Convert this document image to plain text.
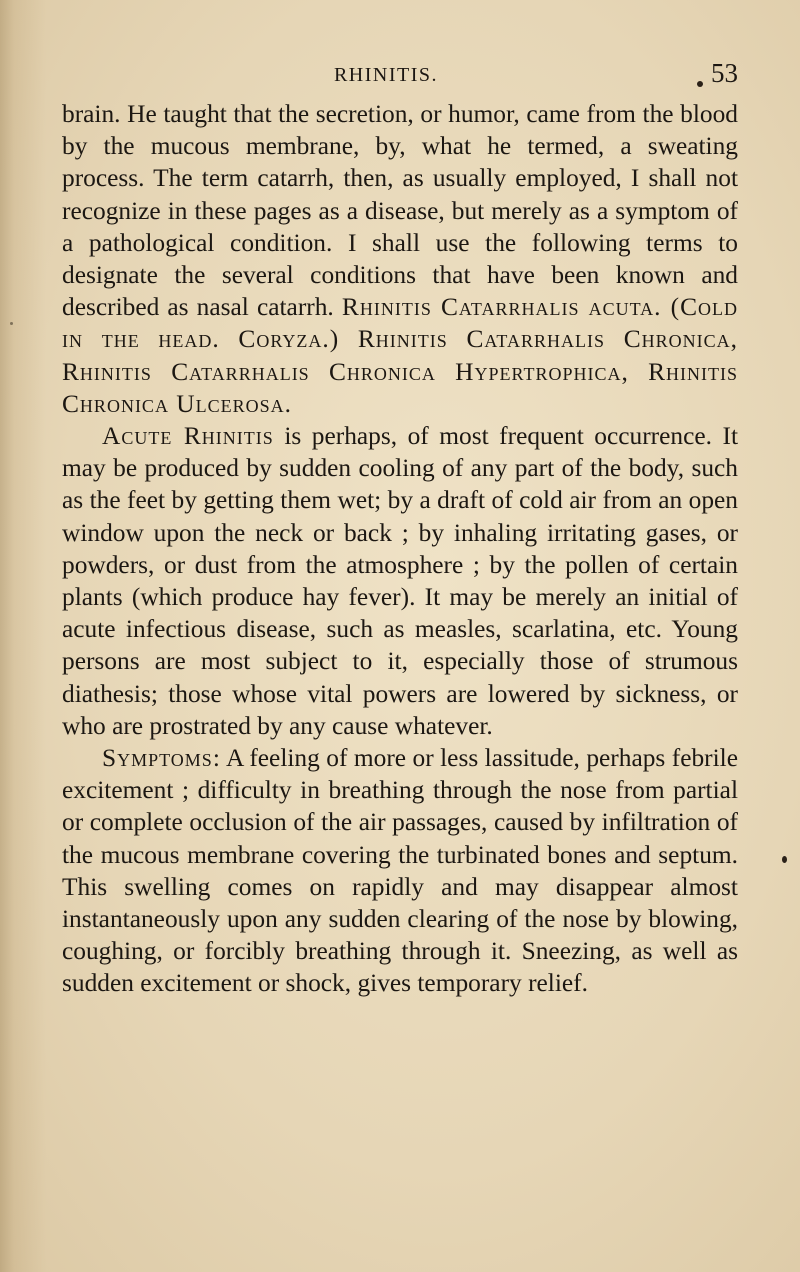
RHINITIS.	53

brain. He taught that the secretion, or humor, came from the blood by the mucous membrane, by, what he termed, a sweating process. The term catarrh, then, as usually employed, I shall not recognize in these pages as a disease, but merely as a symptom of a pathological condition. I shall use the following terms to designate the several conditions that have been known and described as nasal catarrh. Rhinitis Catarrhalis acuta. (Cold in the head. Coryza.) Rhinitis Catarrhalis Chronica, Rhinitis Catarrhalis Chronica Hypertrophica, Rhinitis Chronica Ulcerosa.

Acute Rhinitis is perhaps, of most frequent occurrence. It may be produced by sudden cooling of any part of the body, such as the feet by getting them wet; by a draft of cold air from an open window upon the neck or back ; by inhaling irritating gases, or powders, or dust from the atmosphere ; by the pollen of certain plants (which produce hay fever). It may be merely an initial of acute infectious disease, such as measles, scarlatina, etc. Young persons are most subject to it, especially those of strumous diathesis; those whose vital powers are lowered by sickness, or who are prostrated by any cause whatever.

Symptoms: A feeling of more or less lassitude, perhaps febrile excitement ; difficulty in breathing through the nose from partial or complete occlusion of the air passages, caused by infiltration of the mucous membrane covering the turbinated bones and septum. This swelling comes on rapidly and may disappear almost instantaneously upon any sudden clearing of the nose by blowing, coughing, or forcibly breathing through it. Sneezing, as well as sudden excitement or shock, gives temporary relief.
